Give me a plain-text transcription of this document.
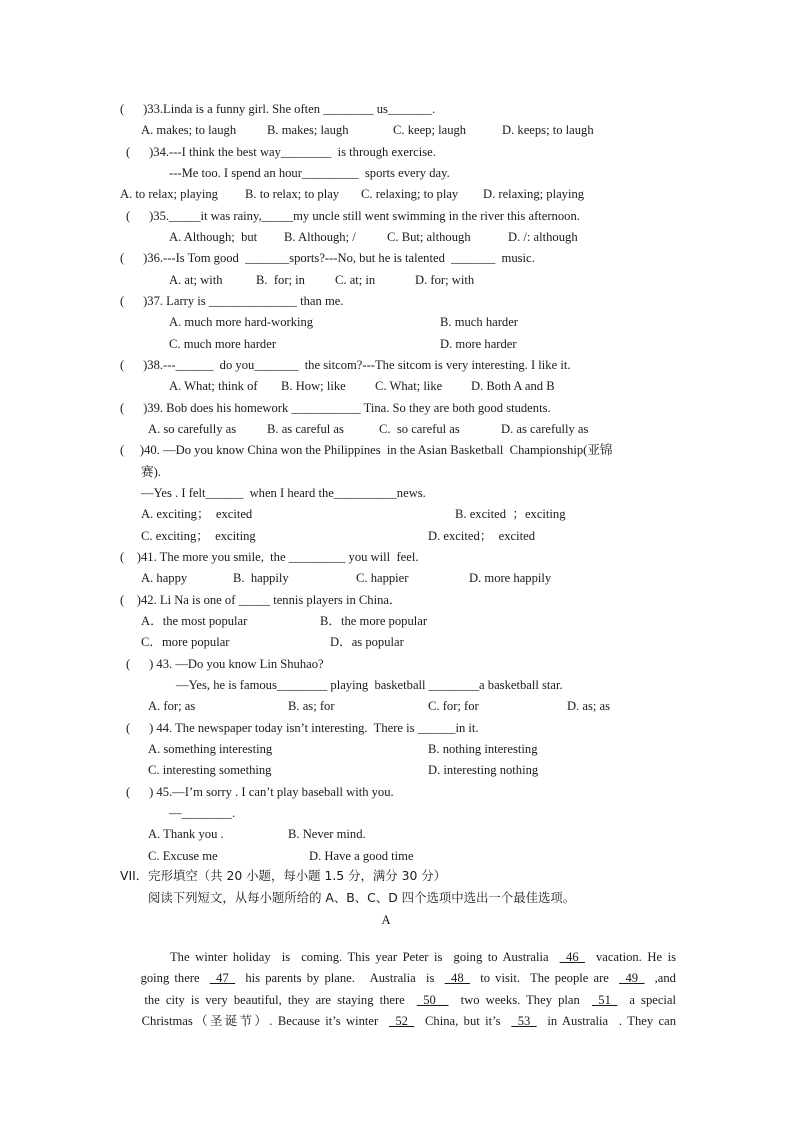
(      )33.Linda is a funny girl. She often ________ us_______.
A. makes; to laugh B. makes; laugh	C. keep; laugh	D. keeps; to laugh
(      )34.---I think the best way________  is through exercise.
---Me too. I spend an hour_________  sports every day.
A. to relax; playing B. to relax; to play C. relaxing; to play D. relaxing; playing
(      )35._____it was rainy,_____my uncle still went swimming in the river this afternoon.
A. Although;  but B. Although; / C. But; although	D. /: although
(      )36.---Is Tom good  _______sports?---No, but he is talented  _______  music.
A. at; with	B.  for; in C. at; in	D. for; with
(      )37. Larry is ______________ than me.
A. much more hard-working	B. much harder
C. much more harder	D. more harder
(      )38.---______  do you_______  the sitcom?---The sitcom is very interesting. I like it.
A. What; think of B. How; like C. What; like D. Both A and B
(      )39. Bob does his homework ___________ Tina. So they are both good students.
A. so carefully as B. as careful as	C.  so careful as	D. as carefully as
(     )40. —Do you know China won the Philippines  in the Asian Basketball  Championship(亚锦
赛).
—Yes . I felt______  when I heard the__________news.
A. exciting；  excited	B. excited  ；exciting
C. exciting；  exciting	D. excited；  excited
(    )41. The more you smile,  the _________ you will  feel.
A. happy	B.  happily	C. happier	D. more happily
(    )42. Li Na is one of _____ tennis players in China．
A．the most popular	B．the more popular
C．more popular	D．as popular
(      ) 43. —Do you know Lin Shuhao?
—Yes, he is famous________ playing  basketball ________a basketball star.
A. for; as	B. as; for	C. for; for	D. as; as
(      ) 44. The newspaper today isn’t interesting.  There is ______in it.
A. something interesting	B. nothing interesting
C. interesting something	D. interesting nothing
(      ) 45.—I’m sorry . I can’t play baseball with you.
—________.
A. Thank you .	B. Never mind.
C. Excuse me	D. Have a good time
VII．完形填空（共 20 小题，每小题 1.5 分，满分 30 分）
阅读下列短文，从每小题所给的 A、B、C、D 四个选项中选出一个最佳选项。
A

The winter holiday  is  coming. This year Peter is  going to Australia  _46_  vacation. He is

going there  _47_  his parents by plane.   Australia  is  _48_  to visit.  The people are  _49_  ,and

the city is very beautiful, they are staying there  _50__  two weeks. They plan  _51_  a special

Christmas（圣诞节）. Because it’s winter  _52_  China, but it’s  _53_  in Australia  . They can
